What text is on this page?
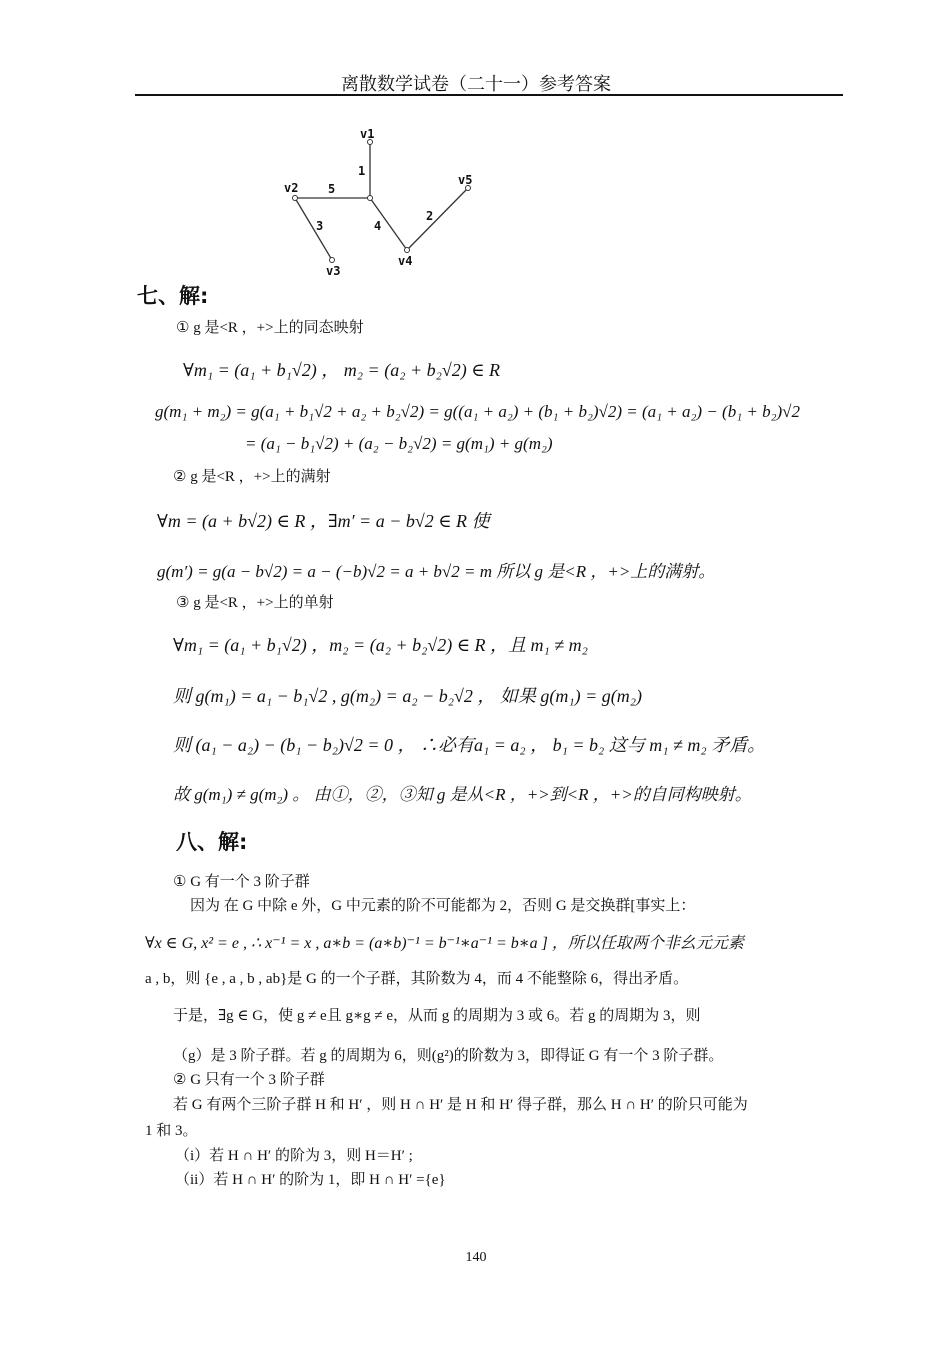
离散数学试卷（二十一）参考答案
v1
v2
v3
v4
v5
1
5
3	4
2
七、解:
① g 是<R ，+>上的同态映射
∀m₁ = (a₁ + b₁√2) ， m₂ = (a₂ + b₂√2) ∈ R
g(m₁ + m₂) = g(a₁ + b₁√2 + a₂ + b₂√2) = g((a₁ + a₂) + (b₁ + b₂)√2) = (a₁ + a₂) − (b₁ + b₂)√2
= (a₁ − b₁√2) + (a₂ − b₂√2) = g(m₁) + g(m₂)
② g 是<R ，+>上的满射
∀m = (a + b√2) ∈ R ，∃m′ = a − b√2 ∈ R 使
g(m′) = g(a − b√2) = a − (−b)√2 = a + b√2 = m 所以 g 是<R ，+>上的满射。
③ g 是<R ，+>上的单射
∀m₁ = (a₁ + b₁√2) ，m₂ = (a₂ + b₂√2) ∈ R ，且 m₁ ≠ m₂
则 g(m₁) = a₁ − b₁√2 , g(m₂) = a₂ − b₂√2 ， 如果 g(m₁) = g(m₂)
则 (a₁ − a₂) − (b₁ − b₂)√2 = 0 ， ∴必有a₁ = a₂ ， b₁ = b₂ 这与 m₁ ≠ m₂ 矛盾。
故 g(m₁) ≠ g(m₂) 。 由①，②，③知 g 是从<R ，+>到<R ，+>的自同构映射。
八、解:
① G 有一个 3 阶子群
因为 在 G 中除 e 外，G 中元素的阶不可能都为 2，否则 G 是交换群[事实上：
∀x ∈ G, x² = e , ∴ x⁻¹ = x , a∗b = (a∗b)⁻¹ = b⁻¹∗a⁻¹ = b∗a ] ，所以任取两个非幺元元素
a , b，则 {e , a , b , ab}是 G 的一个子群，其阶数为 4，而 4 不能整除 6，得出矛盾。
于是，∃g ∈ G，使 g ≠ e且 g∗g ≠ e，从而 g 的周期为 3 或 6。若 g 的周期为 3，则
（g）是 3 阶子群。若 g 的周期为 6，则(g²)的阶数为 3，即得证 G 有一个 3 阶子群。
② G 只有一个 3 阶子群
若 G 有两个三阶子群 H 和 H′ ，则 H ∩ H′ 是 H 和 H′ 得子群，那么 H ∩ H′ 的阶只可能为
1 和 3。
（i）若 H ∩ H′ 的阶为 3，则 H＝H′ ;
（ii）若 H ∩ H′ 的阶为 1，即 H ∩ H′ ={e}
140
